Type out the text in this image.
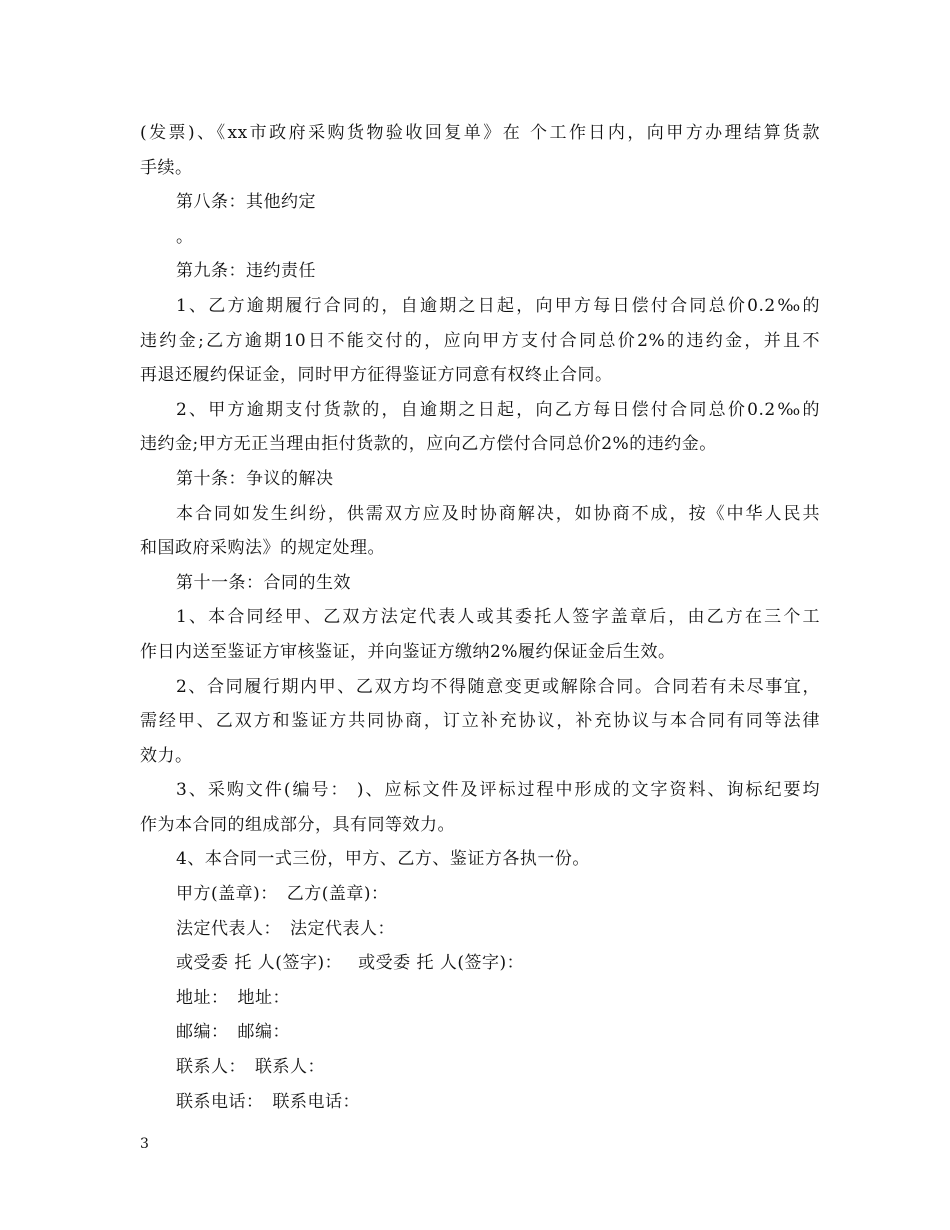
(发票)、《xx市政府采购货物验收回复单》在 个工作日内，向甲方办理结算货款
手续。
第八条：其他约定
。
第九条：违约责任
1、乙方逾期履行合同的，自逾期之日起，向甲方每日偿付合同总价0.2‰的
违约金;乙方逾期10日不能交付的，应向甲方支付合同总价2%的违约金，并且不
再退还履约保证金，同时甲方征得鉴证方同意有权终止合同。
2、甲方逾期支付货款的，自逾期之日起，向乙方每日偿付合同总价0.2‰的
违约金;甲方无正当理由拒付货款的，应向乙方偿付合同总价2%的违约金。
第十条：争议的解决
本合同如发生纠纷，供需双方应及时协商解决，如协商不成，按《中华人民共
和国政府采购法》的规定处理。
第十一条：合同的生效
1、本合同经甲、乙双方法定代表人或其委托人签字盖章后，由乙方在三个工
作日内送至鉴证方审核鉴证，并向鉴证方缴纳2%履约保证金后生效。
2、合同履行期内甲、乙双方均不得随意变更或解除合同。合同若有未尽事宜，
需经甲、乙双方和鉴证方共同协商，订立补充协议，补充协议与本合同有同等法律
效力。
3、采购文件(编号： )、应标文件及评标过程中形成的文字资料、询标纪要均
作为本合同的组成部分，具有同等效力。
4、本合同一式三份，甲方、乙方、鉴证方各执一份。
甲方(盖章)： 乙方(盖章)：
法定代表人： 法定代表人：
或受委 托 人(签字)： 或受委 托 人(签字)：
地址： 地址：
邮编： 邮编：
联系人： 联系人：
联系电话： 联系电话：
3
